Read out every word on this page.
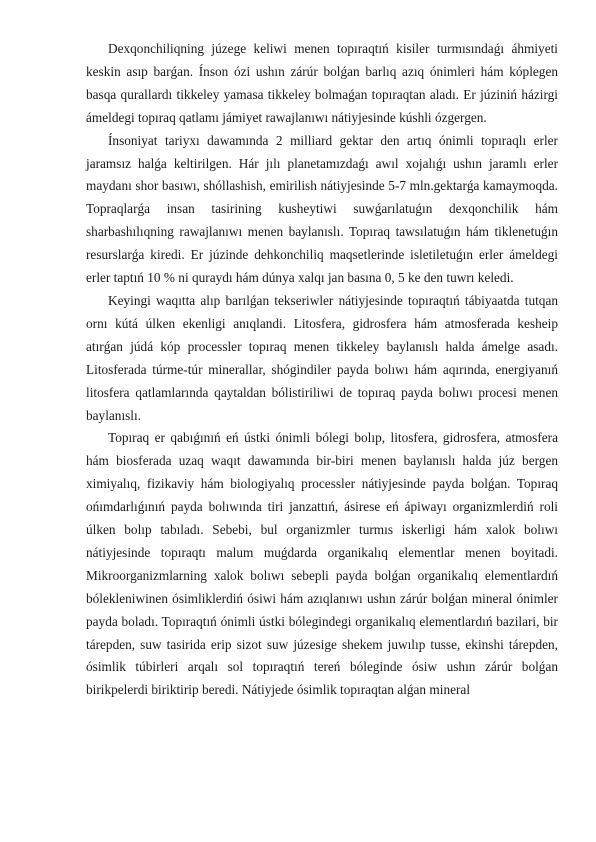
Dexqonchiliqning júzege keliwi menen topıraqtıń kisiler turmısındaǵı áhmiyeti keskin asıp barǵan. Ínson ózi ushın zárúr bolǵan barlıq azıq ónimleri hám kóplegen basqa qurallardı tikkeley yamasa tikkeley bolmaǵan topıraqtan aladı. Er júziniń házirgi ámeldegi topıraq qatlamı jámiyet rawajlanıwı nátiyjesinde kúshli ózgergen.

Ínsoniyat tariyxı dawamında 2 milliard gektar den artıq ónimli topıraqlı erler jaramsız halǵa keltirilgen. Hár jılı planetamızdaǵı awıl xojalıǵı ushın jaramlı erler maydanı shor basıwı, shóllashish, emirilish nátiyjesinde 5-7 mln.gektarǵa kamaymoqda. Topraqlarǵa insan tasirining kusheytiwi suwǵarılatuǵın dexqonchilik hám sharbashılıqning rawajlanıwı menen baylanıslı. Topıraq tawsılatuǵın hám tiklenetuǵın resurslarǵa kiredi. Er júzinde dehkonchiliq maqsetlerinde isletiletuǵın erler ámeldegi erler taptıń 10 % ni quraydı hám dúnya xalqı jan basına 0, 5 ke den tuwrı keledi.

Keyingi waqıtta alıp barılǵan tekseriwler nátiyjesinde topıraqtıń tábiyaatda tutqan ornı kútá úlken ekenligi anıqlandi. Litosfera, gidrosfera hám atmosferada kesheip atırǵan júdá kóp processler topıraq menen tikkeley baylanıslı halda ámelge asadı. Litosferada túrme-túr minerallar, shógindiler payda bolıwı hám aqırında, energiyanıń litosfera qatlamlarında qaytaldan bólistiriliwi de topıraq payda bolıwı procesi menen baylanıslı.

Topıraq er qabıǵınıń eń ústki ónimli bólegi bolıp, litosfera, gidrosfera, atmosfera hám biosferada uzaq waqıt dawamında bir-biri menen baylanıslı halda júz bergen ximiyalıq, fizikaviy hám biologiyalıq processler nátiyjesinde payda bolǵan. Topıraq ońımdarlıǵınıń payda bolıwında tiri janzattıń, ásirese eń ápiwayı organizmlerdiń roli úlken bolıp tabıladı. Sebebi, bul organizmler turmıs iskerligi hám xalok bolıwı nátiyjesinde topıraqtı malum muǵdarda organikalıq elementlar menen boyitadi. Mikroorganizmlarning xalok bolıwı sebepli payda bolǵan organikalıq elementlardıń bólekleniwinen ósimliklerdiń ósiwi hám azıqlanıwı ushın zárúr bolǵan mineral ónimler payda boladı. Topıraqtıń ónimli ústki bólegindegi organikalıq elementlardıń bazilari, bir tárepden, suw tasirida erip sizot suw júzesige shekem juwılıp tusse, ekinshi tárepden, ósimlik túbirleri arqalı sol topıraqtıń tereń bóleginde ósiw ushın zárúr bolǵan birikpelerdi biriktirip beredi. Nátiyjede ósimlik topıraqtan alǵan mineral
